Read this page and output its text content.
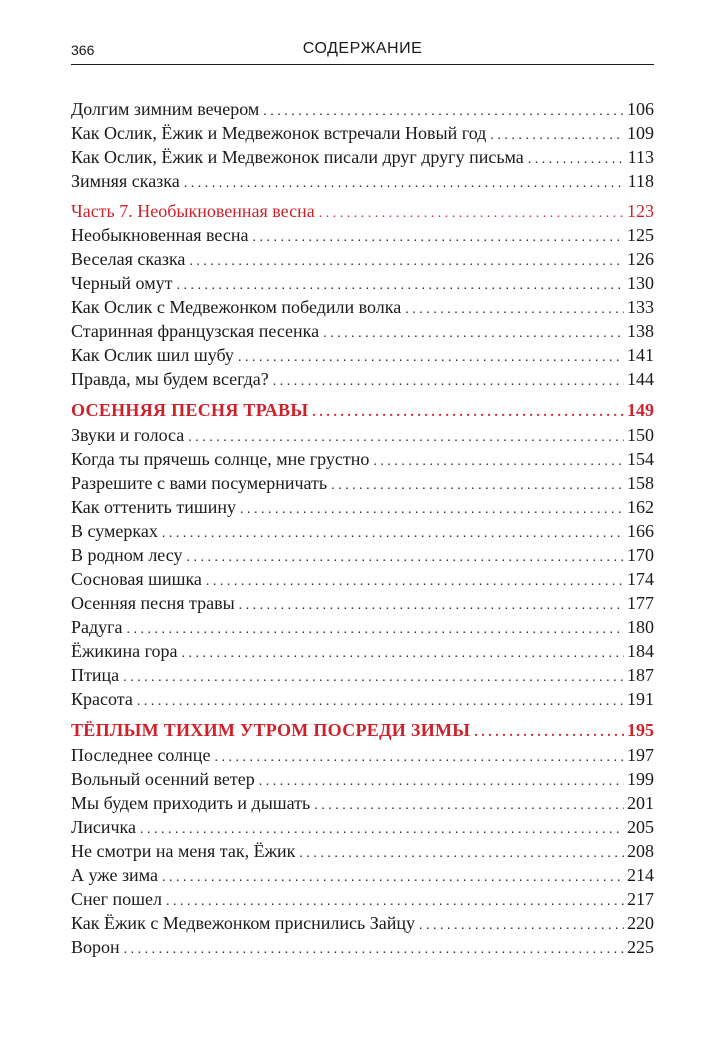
366	СОДЕРЖАНИЕ
Долгим зимним вечером . . .	106
Как Ослик, Ёжик и Медвежонок встречали Новый год . . .	109
Как Ослик, Ёжик и Медвежонок писали друг другу письма . . .	113
Зимняя сказка . . .	118
Часть 7. Необыкновенная весна . . .	123
Необыкновенная весна . . .	125
Веселая сказка . . .	126
Черный омут . . .	130
Как Ослик с Медвежонком победили волка . . .	133
Старинная французская песенка . . .	138
Как Ослик шил шубу . . .	141
Правда, мы будем всегда? . . .	144
ОСЕННЯЯ ПЕСНЯ ТРАВЫ . . .	149
Звуки и голоса . . .	150
Когда ты прячешь солнце, мне грустно . . .	154
Разрешите с вами посумерничать . . .	158
Как оттенить тишину . . .	162
В сумерках . . .	166
В родном лесу . . .	170
Сосновая шишка . . .	174
Осенняя песня травы . . .	177
Радуга . . .	180
Ёжикина гора . . .	184
Птица . . .	187
Красота . . .	191
ТЁПЛЫМ ТИХИМ УТРОМ ПОСРЕДИ ЗИМЫ . . .	195
Последнее солнце . . .	197
Вольный осенний ветер . . .	199
Мы будем приходить и дышать . . .	201
Лисичка . . .	205
Не смотри на меня так, Ёжик . . .	208
А уже зима . . .	214
Снег пошел . . .	217
Как Ёжик с Медвежонком приснились Зайцу . . .	220
Ворон . . .	225
